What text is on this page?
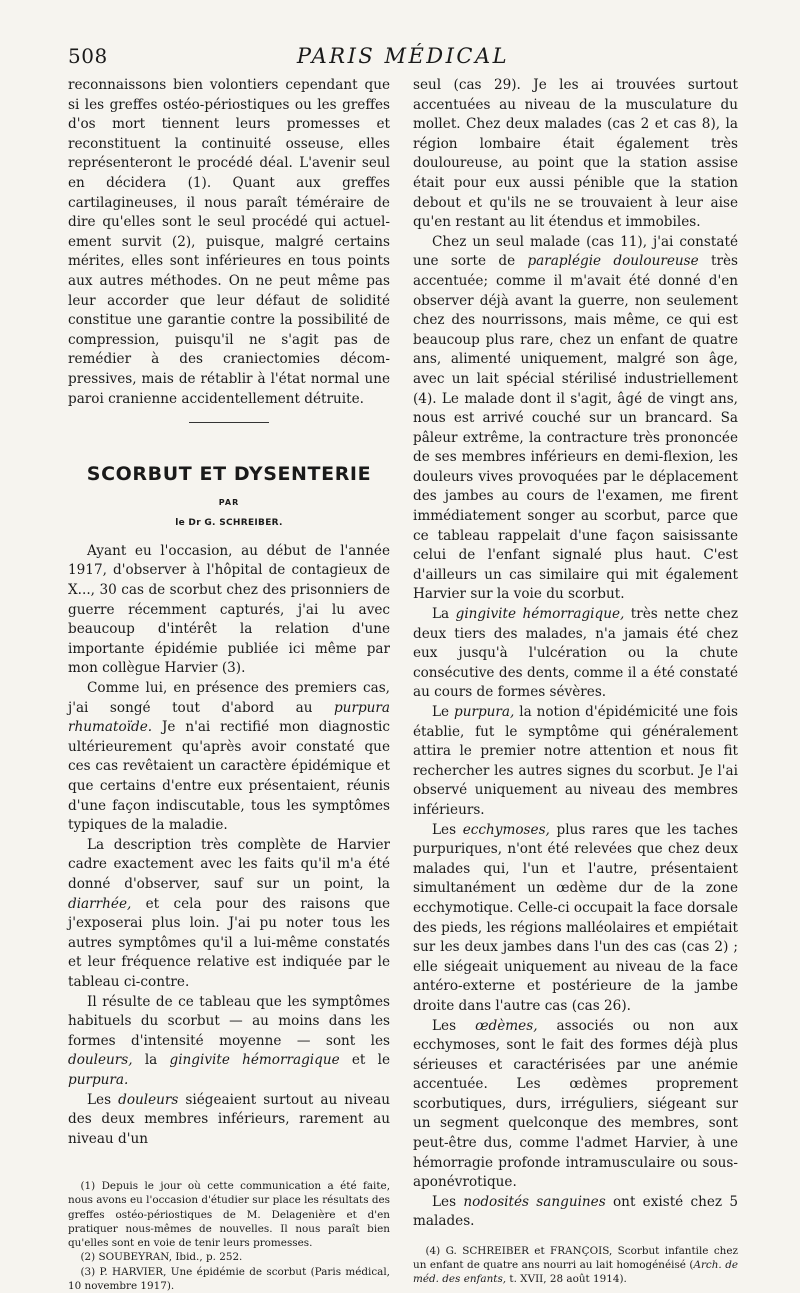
508	PARIS MÉDICAL

reconnaissons bien volontiers cependant que si les greffes ostéo-périostiques ou les greffes d'os mort tiennent leurs promesses et reconstituent la continuité osseuse, elles représenteront le procédé déal. L'avenir seul en décidera (1). Quant aux greffes cartilagineuses, il nous paraît téméraire de dire qu'elles sont le seul procédé qui actuel- ement survit (2), puisque, malgré certains mérites, elles sont inférieures en tous points aux autres méthodes. On ne peut même pas leur accorder que leur défaut de solidité constitue une garantie contre la possibilité de compression, puisqu'il ne s'agit pas de remédier à des craniectomies décom- pressives, mais de rétablir à l'état normal une paroi cranienne accidentellement détruite.

SCORBUT ET DYSENTERIE
PAR
le Dr G. SCHREIBER.

Ayant eu l'occasion, au début de l'année 1917, d'observer à l'hôpital de contagieux de X..., 30 cas de scorbut chez des prisonniers de guerre récemment capturés, j'ai lu avec beaucoup d'intérêt la relation d'une importante épidémie publiée ici même par mon collègue Harvier (3).

Comme lui, en présence des premiers cas, j'ai songé tout d'abord au purpura rhumatoïde. Je n'ai rectifié mon diagnostic ultérieurement qu'après avoir constaté que ces cas revêtaient un caractère épidémique et que certains d'entre eux présentaient, réunis d'une façon indiscutable, tous les symptômes typiques de la maladie.

La description très complète de Harvier cadre exactement avec les faits qu'il m'a été donné d'observer, sauf sur un point, la diarrhée, et cela pour des raisons que j'exposerai plus loin. J'ai pu noter tous les autres symptômes qu'il a lui-même constatés et leur fréquence relative est indiquée par le tableau ci-contre.

Il résulte de ce tableau que les symptômes habituels du scorbut — au moins dans les formes d'intensité moyenne — sont les douleurs, la gingivite hémorragique et le purpura.

Les douleurs siégeaient surtout au niveau des deux membres inférieurs, rarement au niveau d'un

(1) Depuis le jour où cette communication a été faite, nous avons eu l'occasion d'étudier sur place les résultats des greffes ostéo-périostiques de M. Delagenière et d'en pratiquer nous-mêmes de nouvelles. Il nous paraît bien qu'elles sont en voie de tenir leurs promesses.

(2) SOUBEYRAN, Ibid., p. 252.

(3) P. HARVIER, Une épidémie de scorbut (Paris médical, 10 novembre 1917).

seul (cas 29). Je les ai trouvées surtout accentuées au niveau de la musculature du mollet. Chez deux malades (cas 2 et cas 8), la région lombaire était également très douloureuse, au point que la station assise était pour eux aussi pénible que la station debout et qu'ils ne se trouvaient à leur aise qu'en restant au lit étendus et immobiles.

Chez un seul malade (cas 11), j'ai constaté une sorte de paraplégie douloureuse très accentuée; comme il m'avait été donné d'en observer déjà avant la guerre, non seulement chez des nourrissons, mais même, ce qui est beaucoup plus rare, chez un enfant de quatre ans, alimenté uniquement, malgré son âge, avec un lait spécial stérilisé industriellement (4). Le malade dont il s'agit, âgé de vingt ans, nous est arrivé couché sur un brancard. Sa pâleur extrême, la contracture très prononcée de ses membres inférieurs en demi-flexion, les douleurs vives provoquées par le déplacement des jambes au cours de l'examen, me firent immédiatement songer au scorbut, parce que ce tableau rappelait d'une façon saisissante celui de l'enfant signalé plus haut. C'est d'ailleurs un cas similaire qui mit également Harvier sur la voie du scorbut.

La gingivite hémorragique, très nette chez deux tiers des malades, n'a jamais été chez eux jusqu'à l'ulcération ou la chute consécutive des dents, comme il a été constaté au cours de formes sévères.

Le purpura, la notion d'épidémicité une fois établie, fut le symptôme qui généralement attira le premier notre attention et nous fit rechercher les autres signes du scorbut. Je l'ai observé uniquement au niveau des membres inférieurs.

Les ecchymoses, plus rares que les taches purpuriques, n'ont été relevées que chez deux malades qui, l'un et l'autre, présentaient simultanément un œdème dur de la zone ecchymotique. Celle-ci occupait la face dorsale des pieds, les régions malléolaires et empiétait sur les deux jambes dans l'un des cas (cas 2) ; elle siégeait uniquement au niveau de la face antéro-externe et postérieure de la jambe droite dans l'autre cas (cas 26).

Les œdèmes, associés ou non aux ecchymoses, sont le fait des formes déjà plus sérieuses et caractérisées par une anémie accentuée. Les œdèmes proprement scorbutiques, durs, irréguliers, siégeant sur un segment quelconque des membres, sont peut-être dus, comme l'admet Harvier, à une hémorragie profonde intramusculaire ou sous-aponévrotique.

Les nodosités sanguines ont existé chez 5 malades.

(4) G. SCHREIBER et FRANÇOIS, Scorbut infantile chez un enfant de quatre ans nourri au lait homogénéisé (Arch. de méd. des enfants, t. XVII, 28 août 1914).
